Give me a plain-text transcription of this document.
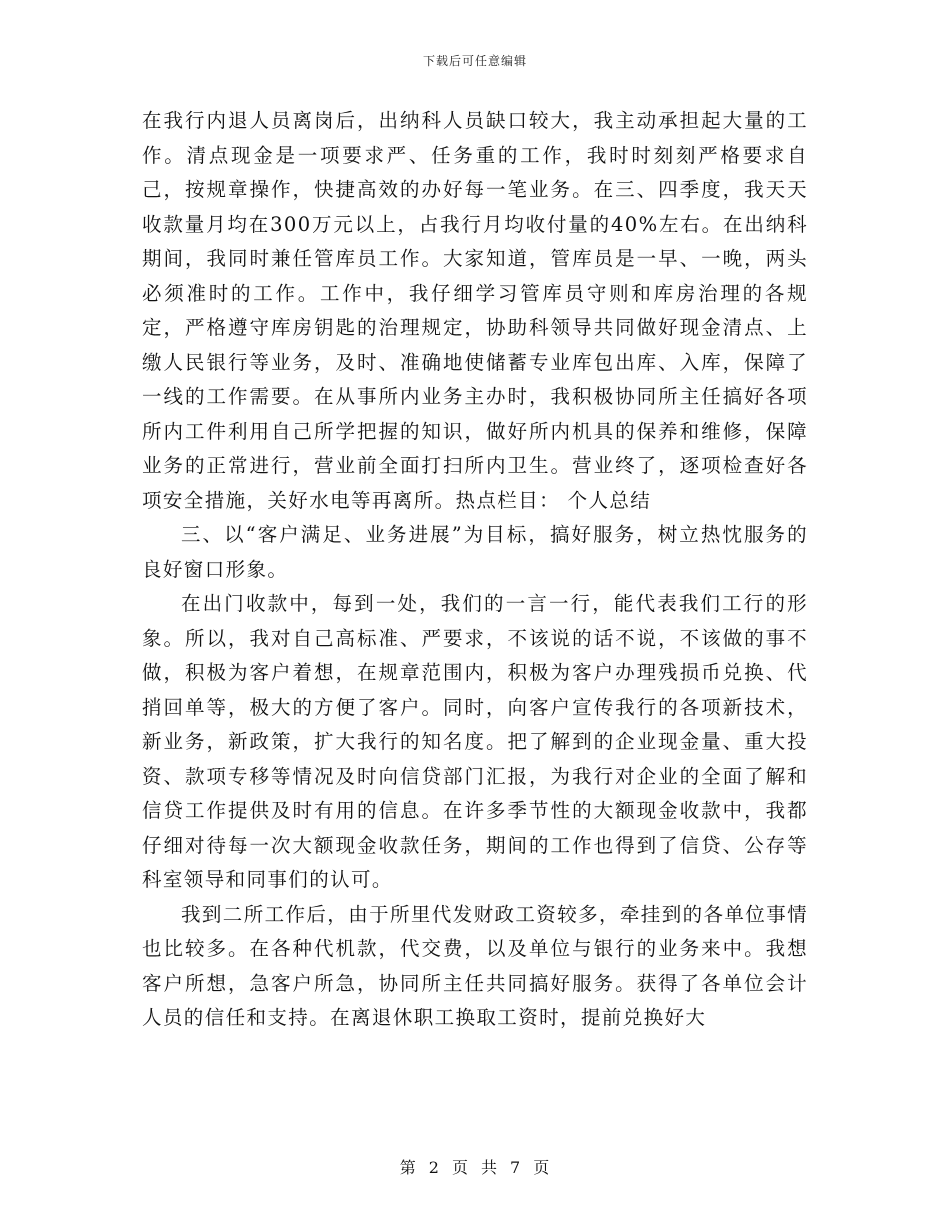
下载后可任意编辑

在我行内退人员离岗后，出纳科人员缺口较大，我主动承担起大量的工作。清点现金是一项要求严、任务重的工作，我时时刻刻严格要求自己，按规章操作，快捷高效的办好每一笔业务。在三、四季度，我天天收款量月均在300万元以上，占我行月均收付量的40%左右。在出纳科期间，我同时兼任管库员工作。大家知道，管库员是一早、一晚，两头必须准时的工作。工作中，我仔细学习管库员守则和库房治理的各规定，严格遵守库房钥匙的治理规定，协助科领导共同做好现金清点、上缴人民银行等业务，及时、准确地使储蓄专业库包出库、入库，保障了一线的工作需要。在从事所内业务主办时，我积极协同所主任搞好各项所内工件利用自己所学把握的知识，做好所内机具的保养和维修，保障业务的正常进行，营业前全面打扫所内卫生。营业终了，逐项检查好各项安全措施，关好水电等再离所。热点栏目： 个人总结

三、以“客户满足、业务进展”为目标，搞好服务，树立热忱服务的良好窗口形象。

在出门收款中，每到一处，我们的一言一行，能代表我们工行的形象。所以，我对自己高标准、严要求，不该说的话不说，不该做的事不做，积极为客户着想，在规章范围内，积极为客户办理残损币兑换、代捎回单等，极大的方便了客户。同时，向客户宣传我行的各项新技术，新业务，新政策，扩大我行的知名度。把了解到的企业现金量、重大投资、款项专移等情况及时向信贷部门汇报，为我行对企业的全面了解和信贷工作提供及时有用的信息。在许多季节性的大额现金收款中，我都仔细对待每一次大额现金收款任务，期间的工作也得到了信贷、公存等科室领导和同事们的认可。

我到二所工作后，由于所里代发财政工资较多，牵挂到的各单位事情也比较多。在各种代机款，代交费，以及单位与银行的业务来中。我想客户所想，急客户所急，协同所主任共同搞好服务。获得了各单位会计人员的信任和支持。在离退休职工换取工资时，提前兑换好大

第 2 页 共 7 页
